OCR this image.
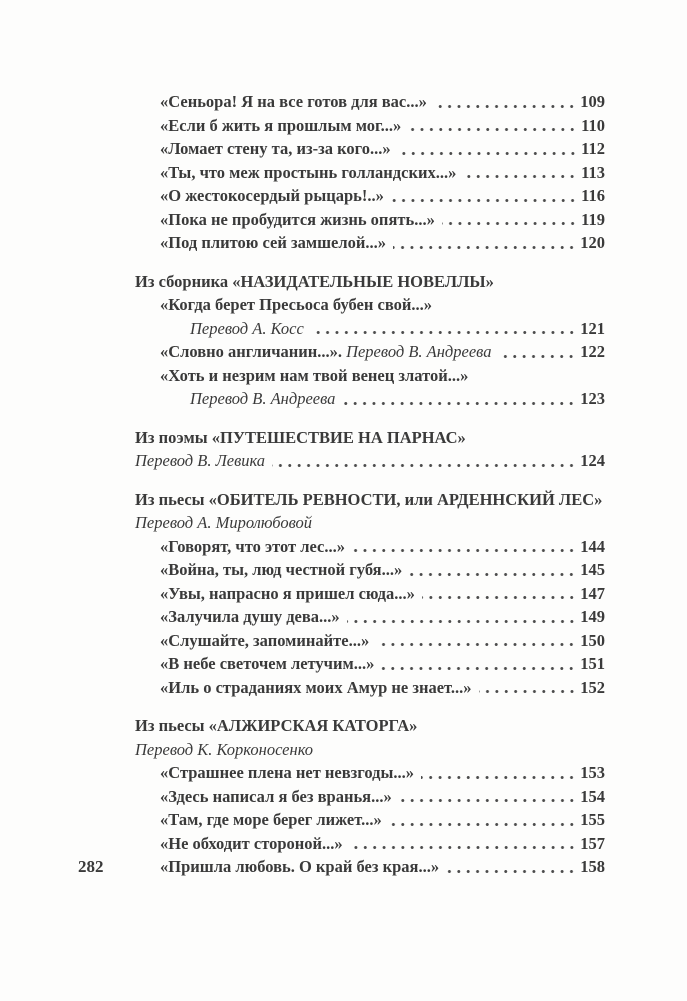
«Сеньора! Я на все готов для вас...»	109
«Если б жить я прошлым мог...»	110
«Ломает стену та, из-за кого...»	112
«Ты, что меж простынь голландских...»	113
«О жестокосердый рыцарь!..»	116
«Пока не пробудится жизнь опять...»	119
«Под плитою сей замшелой...»	120
Из сборника «НАЗИДАТЕЛЬНЫЕ НОВЕЛЛЫ»
«Когда берет Пресьоса бубен свой...»
Перевод А. Косс	121
«Словно англичанин...». Перевод В. Андреева	122
«Хоть и незрим нам твой венец златой...»
Перевод В. Андреева	123
Из поэмы «ПУТЕШЕСТВИЕ НА ПАРНАС»
Перевод В. Левика	124
Из пьесы «ОБИТЕЛЬ РЕВНОСТИ, или АРДЕННСКИЙ ЛЕС»
Перевод А. Миролюбовой
«Говорят, что этот лес...»	144
«Война, ты, люд честной губя...»	145
«Увы, напрасно я пришел сюда...»	147
«Залучила душу дева...»	149
«Слушайте, запоминайте...»	150
«В небе светочем летучим...»	151
«Иль о страданиях моих Амур не знает...»	152
Из пьесы «АЛЖИРСКАЯ КАТОРГА»
Перевод К. Корконосенко
«Страшнее плена нет невзгоды...»	153
«Здесь написал я без вранья...»	154
«Там, где море берег лижет...»	155
«Не обходит стороной...»	157
«Пришла любовь. О край без края...»	158
282
